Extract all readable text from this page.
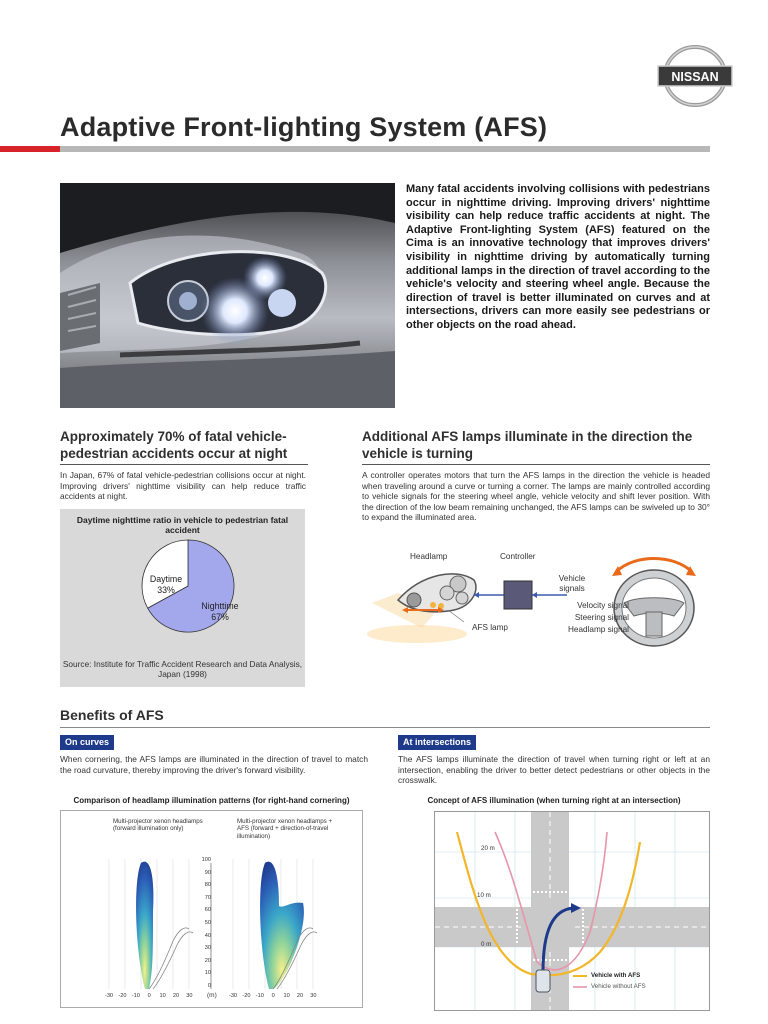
NISSAN
Adaptive Front-lighting System (AFS)
Many fatal accidents involving collisions with pedestrians occur in nighttime driving. Improving drivers' nighttime visibility can help reduce traffic accidents at night. The Adaptive Front-lighting System (AFS) featured on the Cima is an innovative technology that improves drivers' visibility in nighttime driving by automatically turning additional lamps in the direction of travel according to the vehicle's velocity and steering wheel angle. Because the direction of travel is better illuminated on curves and at intersections, drivers can more easily see pedestrians or other objects on the road ahead.
Approximately 70% of fatal vehicle-pedestrian accidents occur at night
In Japan, 67% of fatal vehicle-pedestrian collisions occur at night. Improving drivers' nighttime visibility can help reduce traffic accidents at night.
Daytime nighttime ratio in vehicle to pedestrian fatal accident
Daytime
33%
Nighttime
67%
Source: Institute for Traffic Accident Research and Data Analysis, Japan (1998)
Additional AFS lamps illuminate in the direction the vehicle is turning
A controller operates motors that turn the AFS lamps in the direction the vehicle is headed when traveling around a curve or turning a corner. The lamps are mainly controlled according to vehicle signals for the steering wheel angle, vehicle velocity and shift lever position. With the direction of the low beam remaining unchanged, the AFS lamps can be swiveled up to 30° to expand the illuminated area.
Headlamp	Controller
Vehicle signals
Velocity signal
Steering signal
Headlamp signal
AFS lamp
Benefits of AFS
On curves
When cornering, the AFS lamps are illuminated in the direction of travel to match the road curvature, thereby improving the driver's forward visibility.
Comparison of headlamp illumination patterns (for right-hand cornering)
Multi-projector xenon headlamps (forward illumination only)
Multi-projector xenon headlamps + AFS (forward + direction-of-travel illumination)
100
90
80
70
60
50
40
30
20
10
0
-30 -20 -10	0	10	20	30	-30 -20 -10	0	10	20	30
(m)
At intersections
The AFS lamps illuminate the direction of travel when turning right or left at an intersection, enabling the driver to better detect pedestrians or other objects in the crosswalk.
Concept of AFS illumination (when turning right at an intersection)
20 m
10 m
0 m
Vehicle with AFS
Vehicle without AFS
